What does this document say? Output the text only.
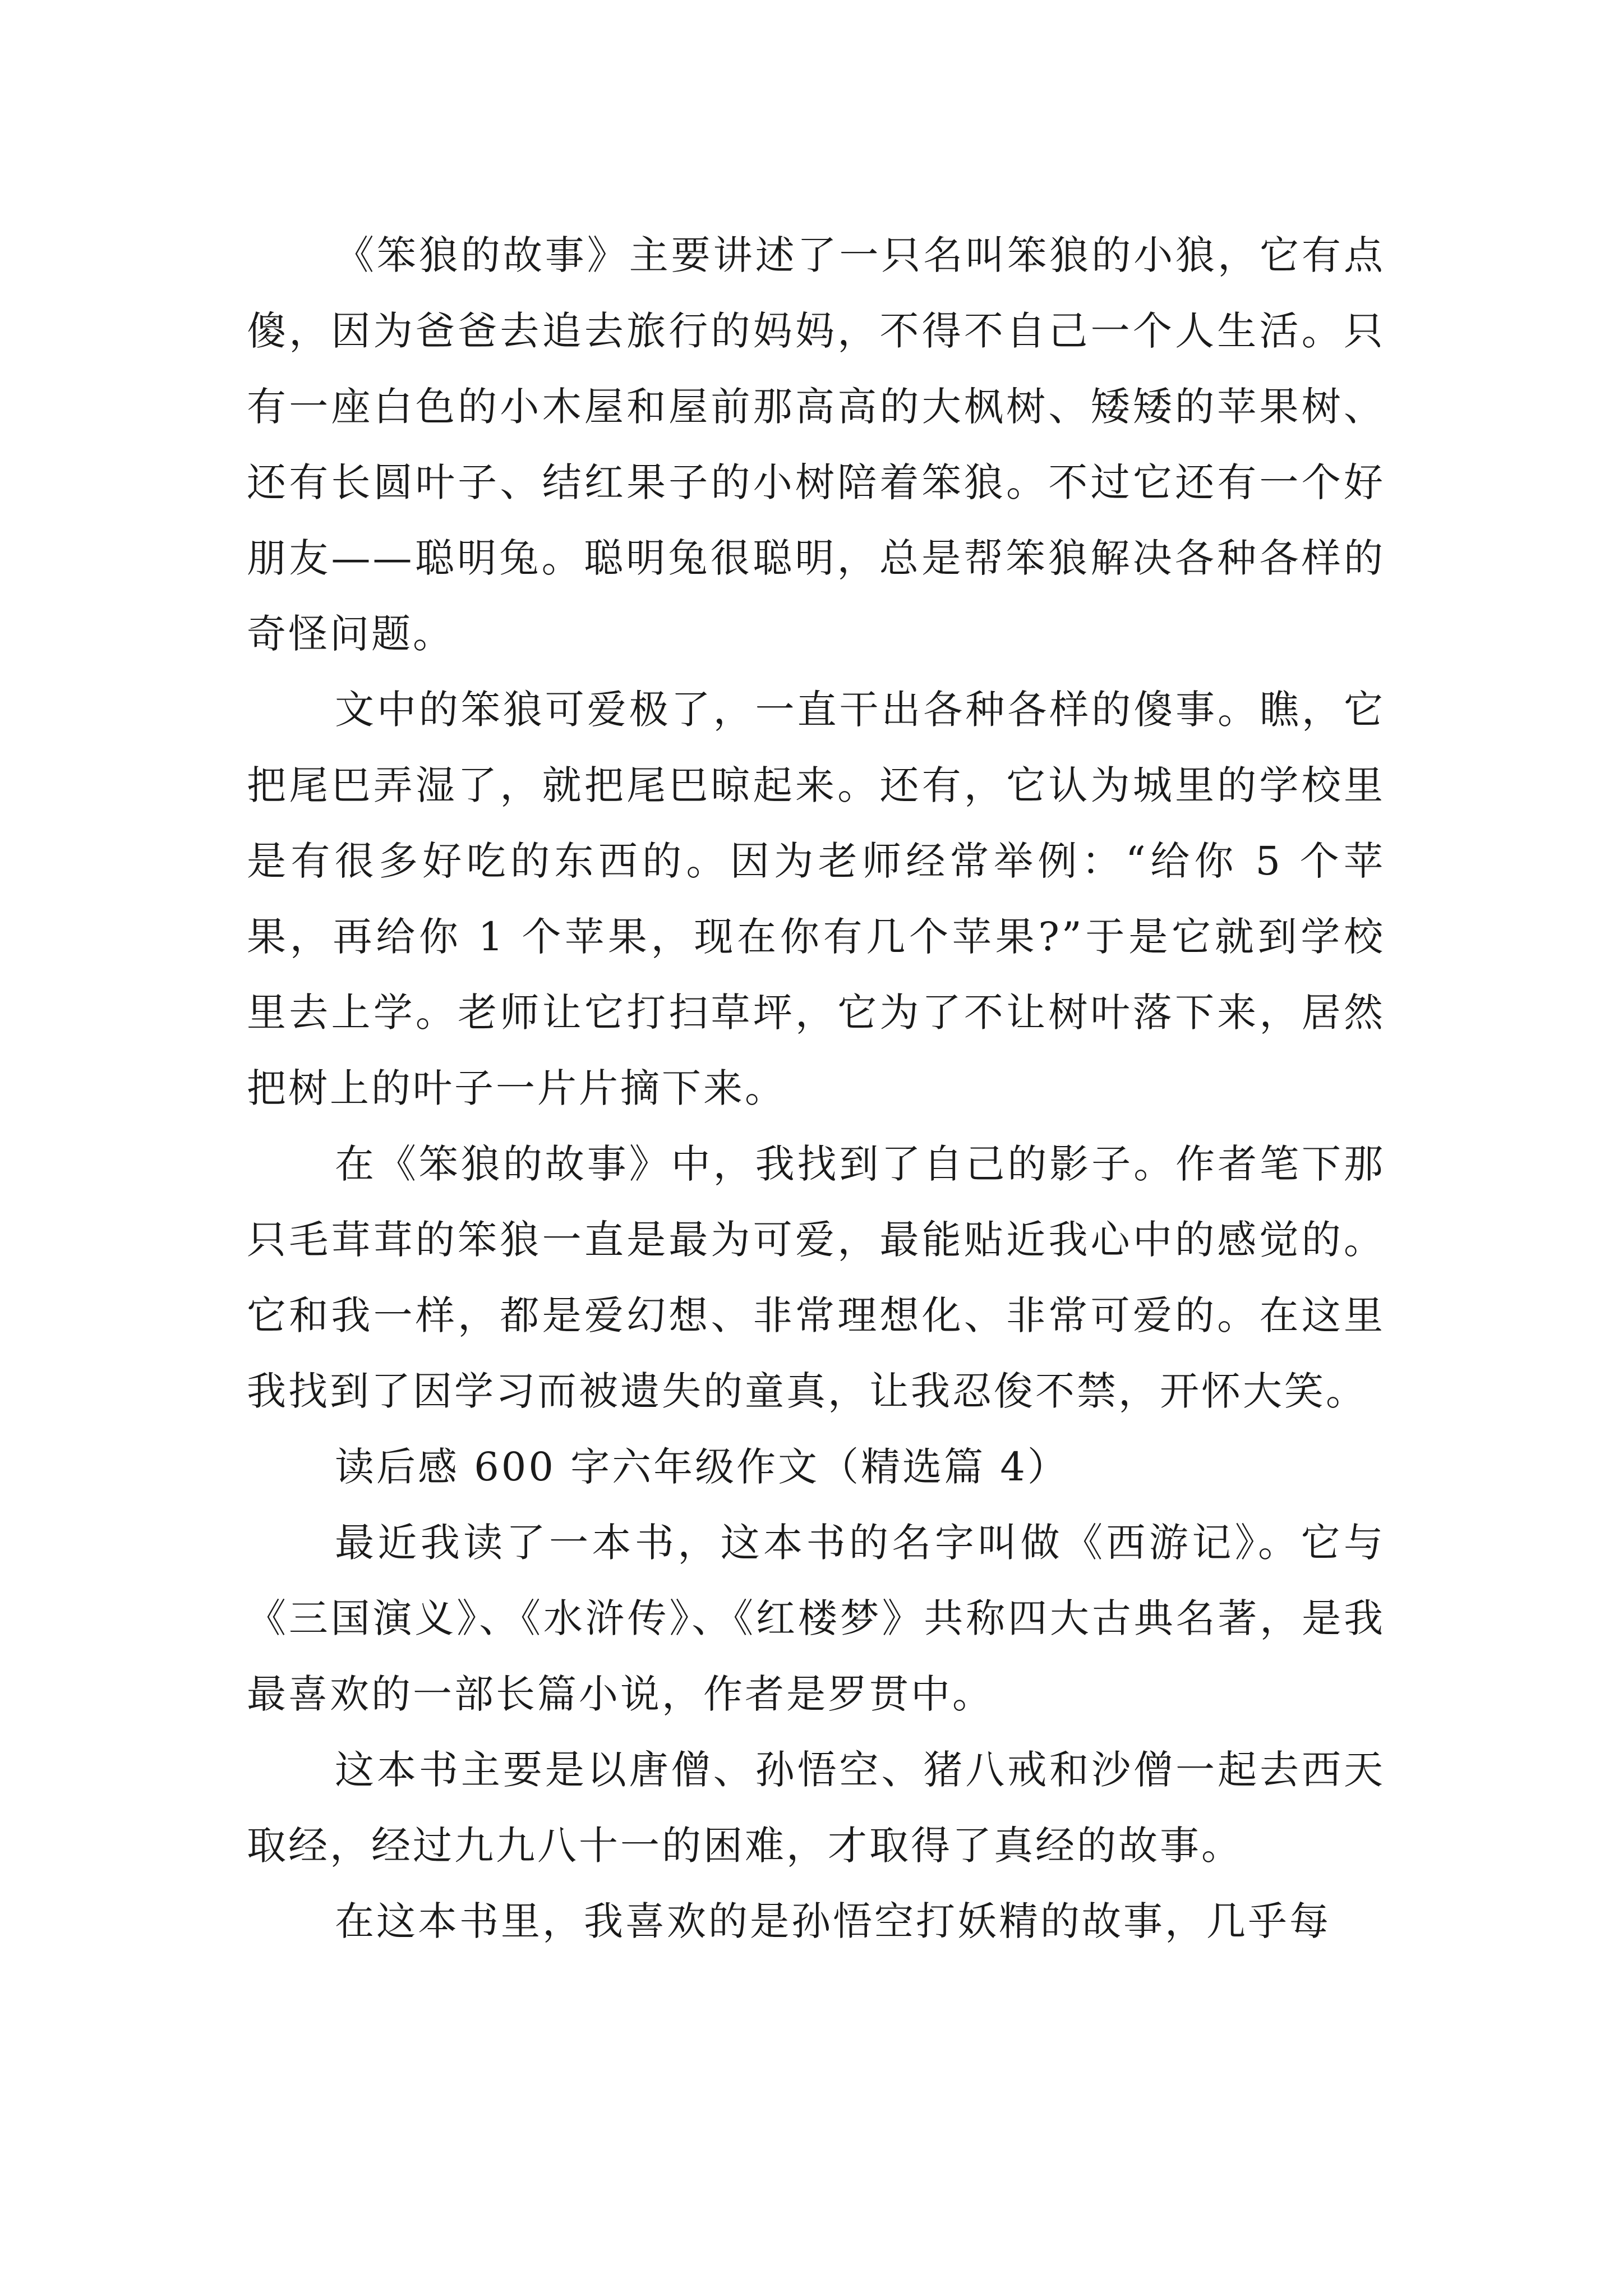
《笨狼的故事》主要讲述了一只名叫笨狼的小狼，它有点傻，因为爸爸去追去旅行的妈妈，不得不自己一个人生活。只有一座白色的小木屋和屋前那高高的大枫树、矮矮的苹果树、还有长圆叶子、结红果子的小树陪着笨狼。不过它还有一个好朋友——聪明兔。聪明兔很聪明，总是帮笨狼解决各种各样的奇怪问题。

文中的笨狼可爱极了，一直干出各种各样的傻事。瞧，它把尾巴弄湿了，就把尾巴晾起来。还有，它认为城里的学校里是有很多好吃的东西的。因为老师经常举例：“给你 5 个苹果，再给你 1 个苹果，现在你有几个苹果?”于是它就到学校里去上学。老师让它打扫草坪，它为了不让树叶落下来，居然把树上的叶子一片片摘下来。

在《笨狼的故事》中，我找到了自己的影子。作者笔下那只毛茸茸的笨狼一直是最为可爱，最能贴近我心中的感觉的。它和我一样，都是爱幻想、非常理想化、非常可爱的。在这里我找到了因学习而被遗失的童真，让我忍俊不禁，开怀大笑。

读后感 600 字六年级作文（精选篇 4）

最近我读了一本书，这本书的名字叫做《西游记》。它与《三国演义》、《水浒传》、《红楼梦》共称四大古典名著，是我最喜欢的一部长篇小说，作者是罗贯中。

这本书主要是以唐僧、孙悟空、猪八戒和沙僧一起去西天取经，经过九九八十一的困难，才取得了真经的故事。

在这本书里，我喜欢的是孙悟空打妖精的故事，几乎每
